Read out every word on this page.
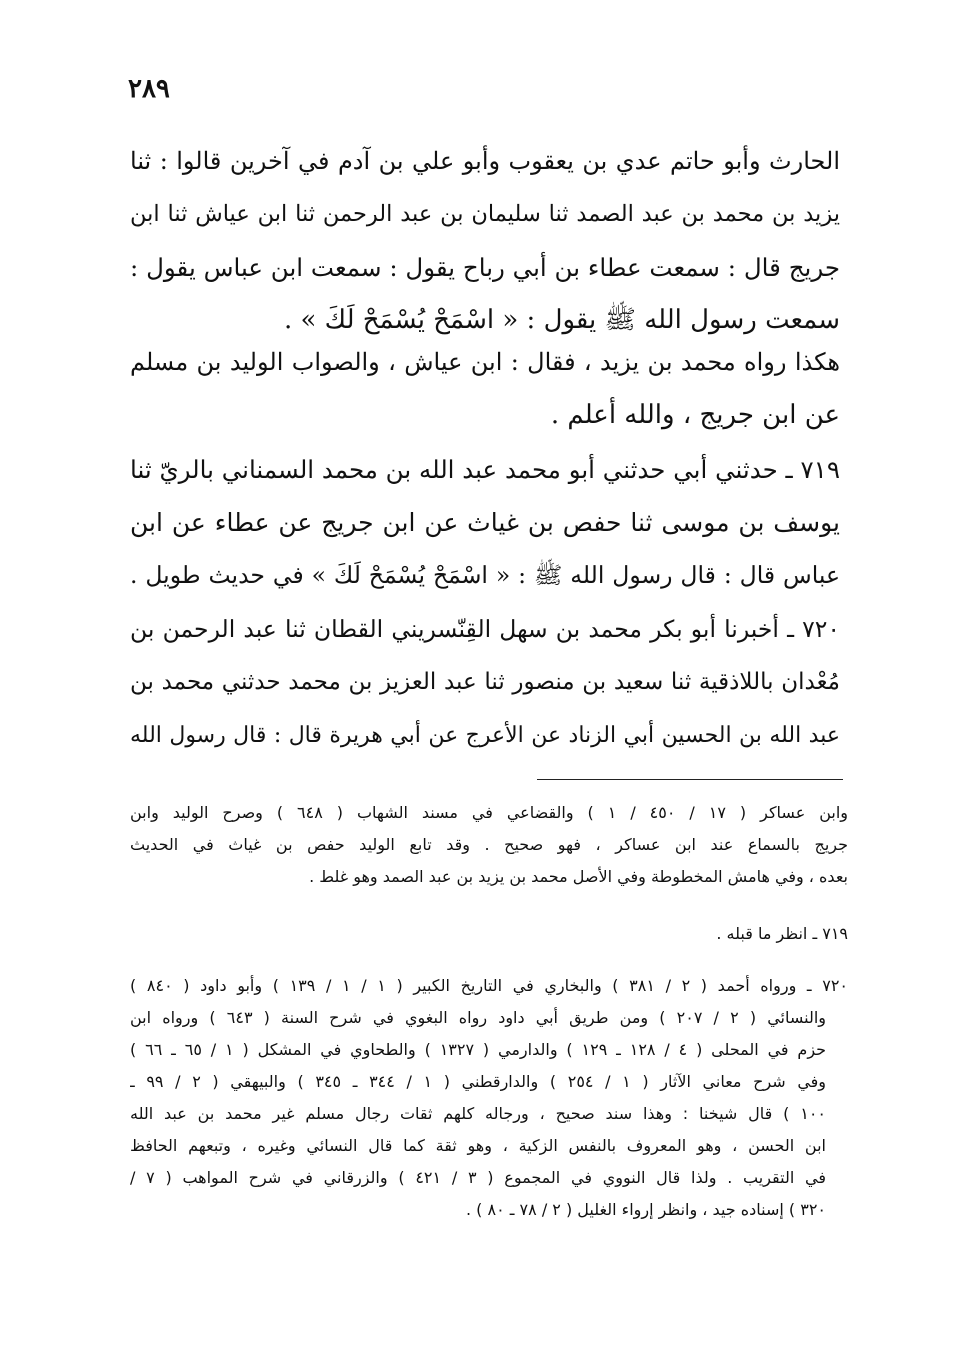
٢٨٩
الحارث وأبو حاتم عدي بن يعقوب وأبو علي بن آدم في آخرين قالوا : ثنا
يزيد بن محمد بن عبد الصمد ثنا سليمان بن عبد الرحمن ثنا ابن عياش ثنا ابن
جريج قال : سمعت عطاء بن أبي رباح يقول : سمعت ابن عباس يقول :
سمعت رسول الله ﷺ يقول : « اسْمَحْ يُسْمَحْ لَكَ » .
هكذا رواه محمد بن يزيد ، فقال : ابن عياش ، والصواب الوليد بن مسلم
عن ابن جريج ، والله أعلم .
٧١٩ ـ حدثني أبي حدثني أبو محمد عبد الله بن محمد السمناني بالريّ ثنا
يوسف بن موسى ثنا حفص بن غياث عن ابن جريج عن عطاء عن ابن
عباس قال : قال رسول الله ﷺ : « اسْمَحْ يُسْمَحْ لَكَ » في حديث طويل .
٧٢٠ ـ أخبرنا أبو بكر محمد بن سهل القِنّسريني القطان ثنا عبد الرحمن بن
مُعْدان باللاذقية ثنا سعيد بن منصور ثنا عبد العزيز بن محمد حدثني محمد بن
عبد الله بن الحسين أبي الزناد عن الأعرج عن أبي هريرة قال : قال رسول الله
وابن عساكر ( ١٧ / ٤٥٠ / ١ ) والقضاعي في مسند الشهاب ( ٦٤٨ ) وصرح الوليد وابن
جريج بالسماع عند ابن عساكر ، فهو صحيح . وقد تابع الوليد حفص بن غياث في الحديث
بعده ، وفي هامش المخطوطة وفي الأصل محمد بن يزيد بن عبد الصمد وهو غلط .
٧١٩ ـ انظر ما قبله .
٧٢٠ ـ ورواه أحمد ( ٢ / ٣٨١ ) والبخاري في التاريخ الكبير ( ١ / ١ / ١٣٩ ) وأبو داود ( ٨٤٠ )
والنسائي ( ٢ / ٢٠٧ ) ومن طريق أبي داود رواه البغوي في شرح السنة ( ٦٤٣ ) ورواه ابن
حزم في المحلى ( ٤ / ١٢٨ ـ ١٢٩ ) والدارمي ( ١٣٢٧ ) والطحاوي في المشكل ( ١ / ٦٥ ـ ٦٦ )
وفي شرح معاني الآثار ( ١ / ٢٥٤ ) والدارقطني ( ١ / ٣٤٤ ـ ٣٤٥ ) والبيهقي ( ٢ / ٩٩ ـ
١٠٠ ) قال شيخنا : وهذا سند صحيح ، ورجاله كلهم ثقات رجال مسلم غير محمد بن عبد الله
ابن الحسن ، وهو المعروف بالنفس الزكية ، وهو ثقة كما قال النسائي وغيره ، وتبعهم الحافظ
في التقريب . ولذا قال النووي في المجموع ( ٣ / ٤٢١ ) والزرقاني في شرح المواهب ( ٧ /
٣٢٠ ) إسناده جيد ، وانظر إرواء الغليل ( ٢ / ٧٨ ـ ٨٠ ) .
